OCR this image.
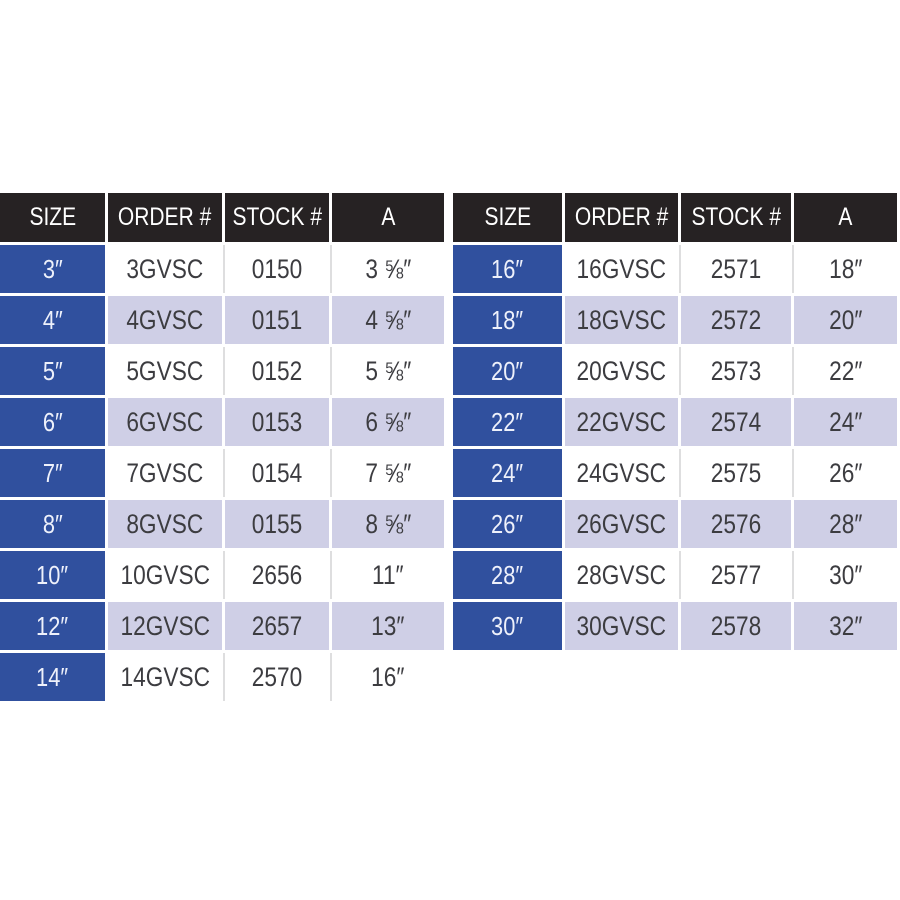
SIZE ORDER # STOCK # A
3″ 3GVSC 0150 3 ⅝″
4″ 4GVSC 0151 4 ⅝″
5″ 5GVSC 0152 5 ⅝″
6″ 6GVSC 0153 6 ⅝″
7″ 7GVSC 0154 7 ⅝″
8″ 8GVSC 0155 8 ⅝″
10″ 10GVSC 2656	11″
12″ 12GVSC 2657	13″
14″ 14GVSC 2570	16″
SIZE ORDER # STOCK # A
16″ 16GVSC 2571	18″
18″ 18GVSC 2572	20″
20″ 20GVSC 2573	22″
22″ 22GVSC 2574	24″
24″ 24GVSC 2575	26″
26″ 26GVSC 2576	28″
28″ 28GVSC 2577	30″
30″ 30GVSC 2578	32″
